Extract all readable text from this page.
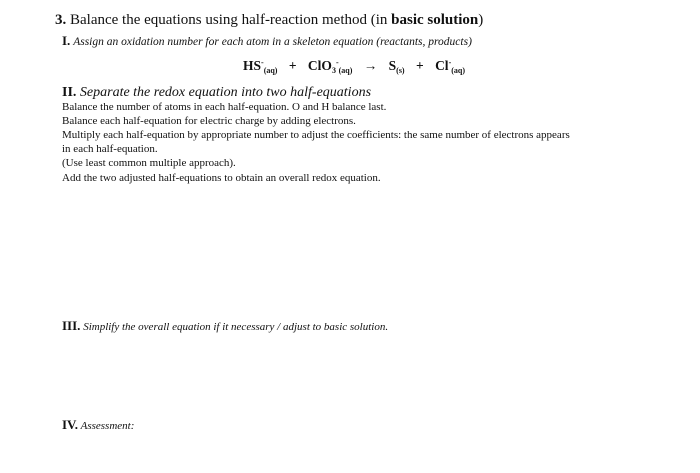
3. Balance the equations using half-reaction method (in basic solution)
I. Assign an oxidation number for each atom in a skeleton equation (reactants, products)
$HS^-_{(aq)} + ClO_3^-_{(aq)} \to S_{(s)} + Cl^-_{(aq)}$
II. Separate the redox equation into two half-equations
Balance the number of atoms in each half-equation. O and H balance last.
Balance each half-equation for electric charge by adding electrons.
Multiply each half-equation by appropriate number to adjust the coefficients: the same number of electrons appears
in each half-equation.
(Use least common multiple approach).
Add the two adjusted half-equations to obtain an overall redox equation.
III. Simplify the overall equation if it necessary / adjust to basic solution.
IV. Assessment:
